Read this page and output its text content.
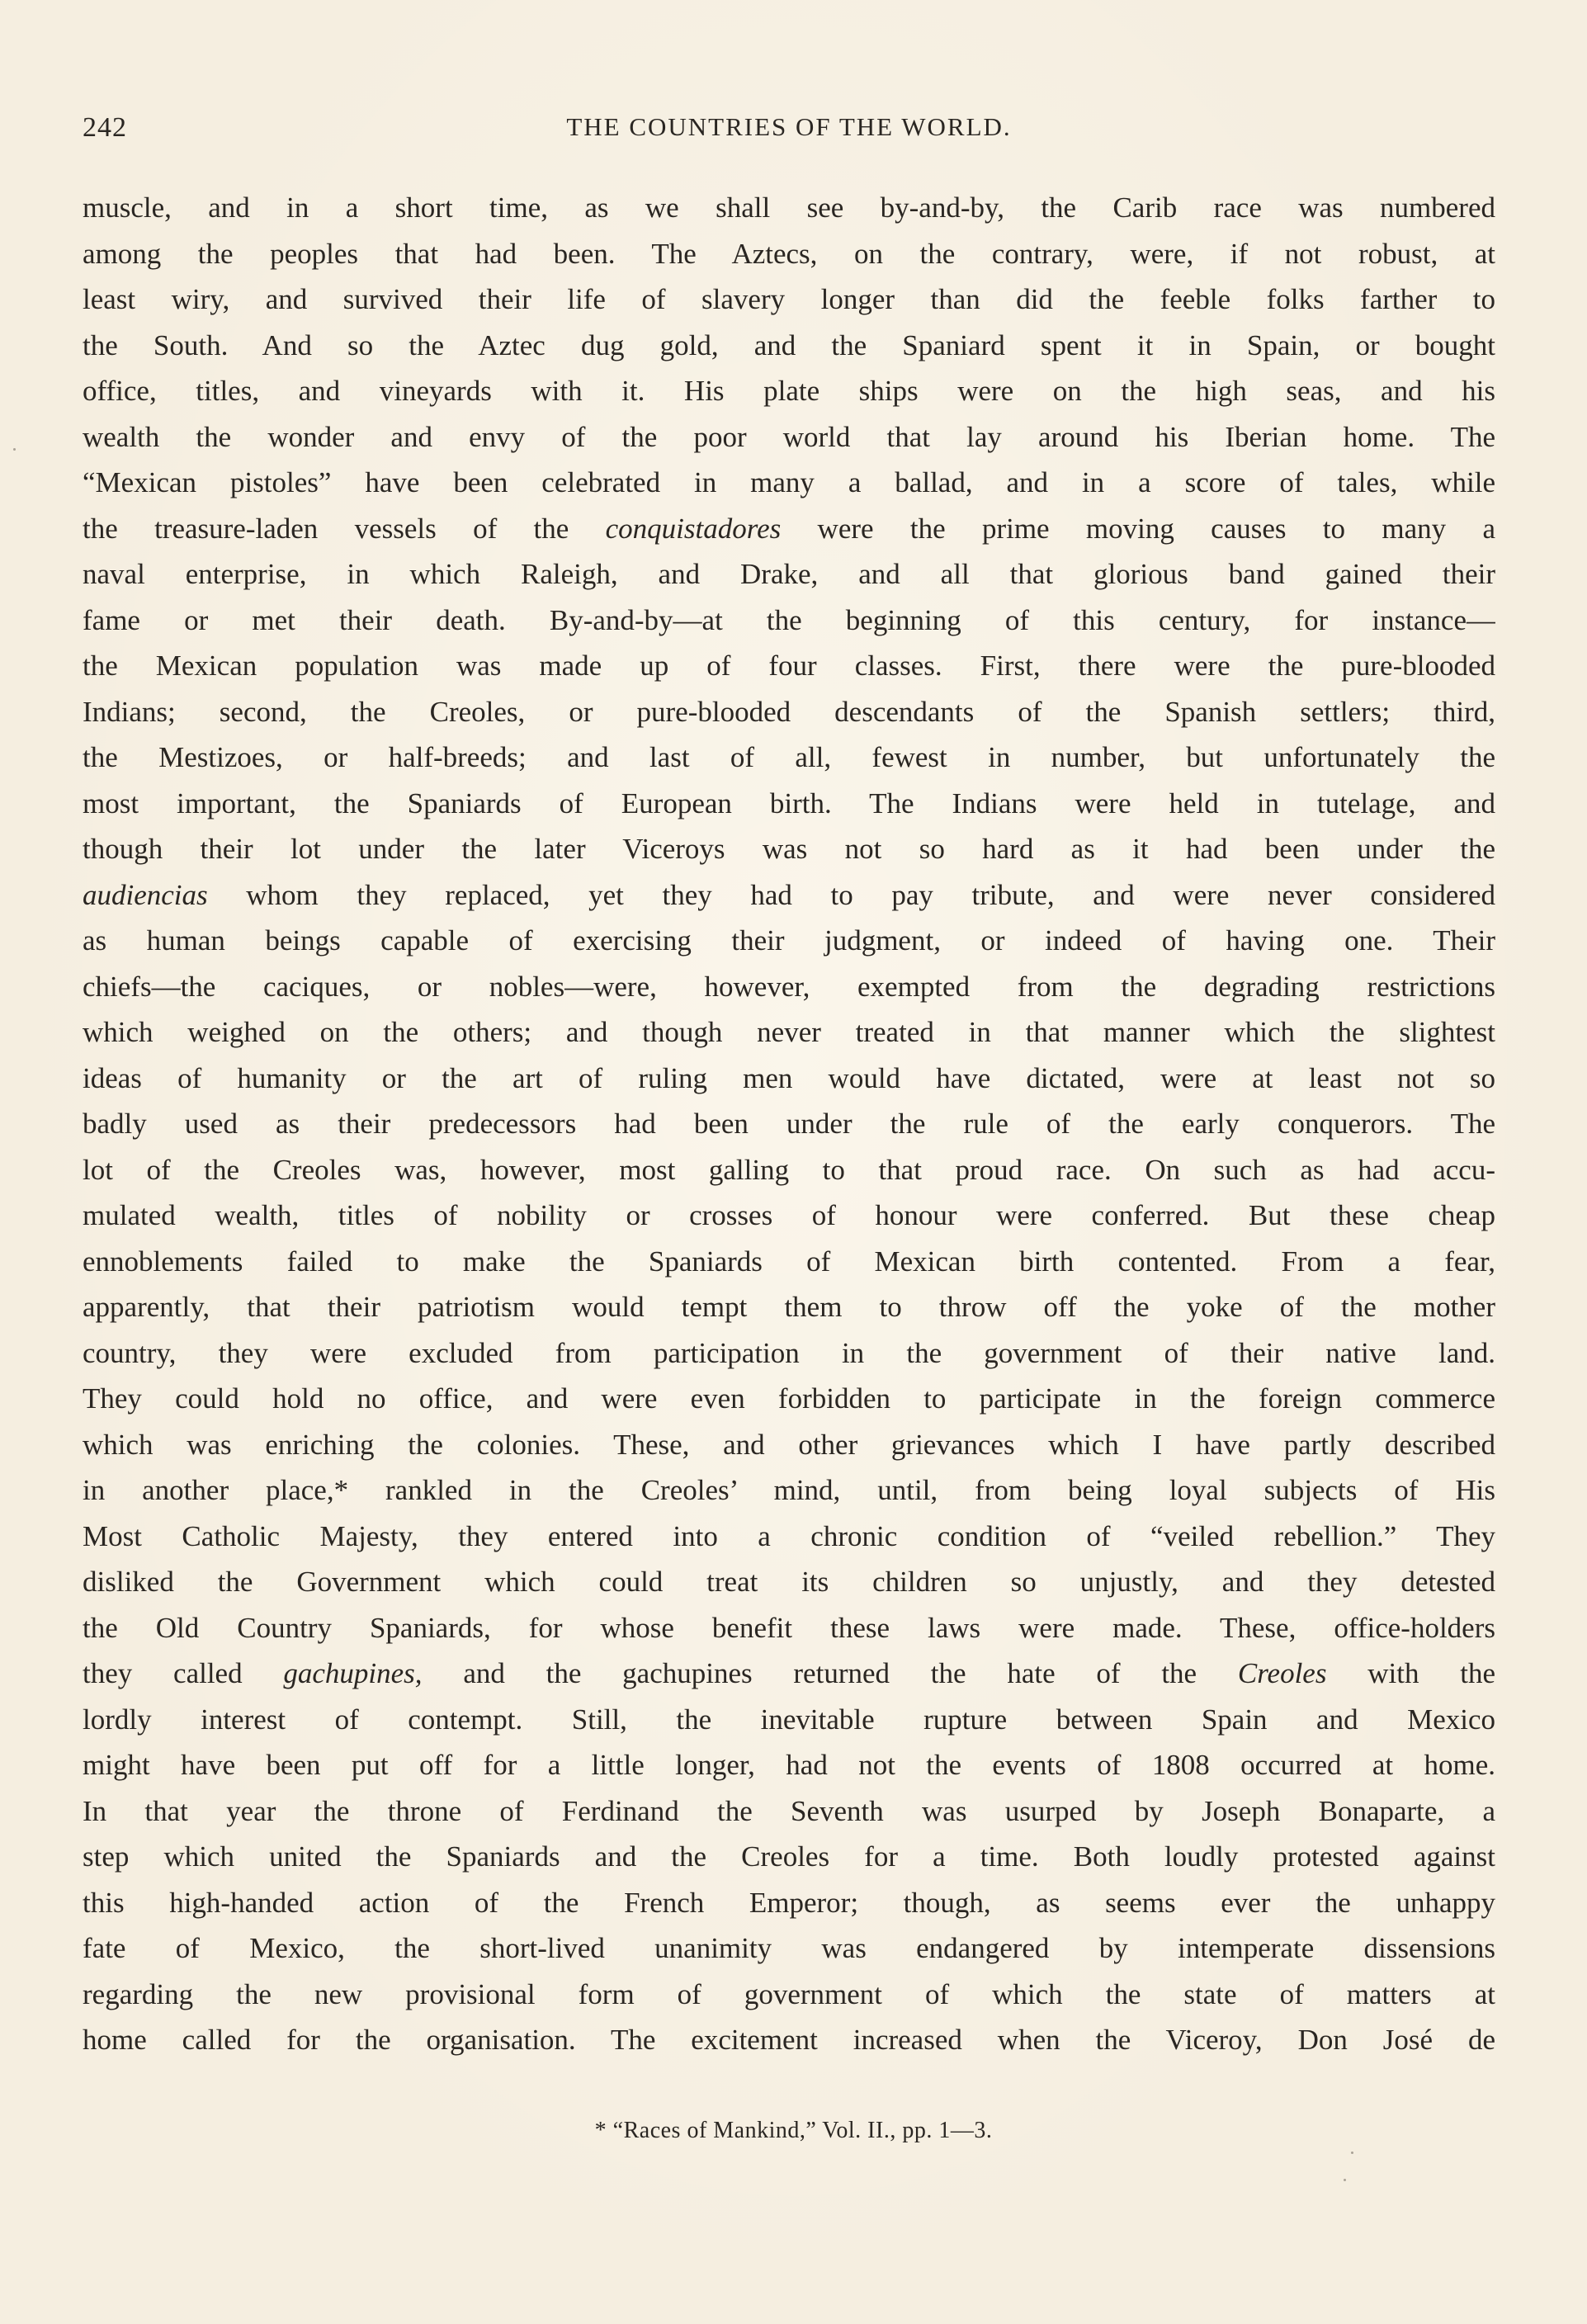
242	THE COUNTRIES OF THE WORLD.
muscle, and in a short time, as we shall see by-and-by, the Carib race was numbered
among the peoples that had been. The Aztecs, on the contrary, were, if not robust, at
least wiry, and survived their life of slavery longer than did the feeble folks farther to
the South. And so the Aztec dug gold, and the Spaniard spent it in Spain, or bought
office, titles, and vineyards with it. His plate ships were on the high seas, and his
wealth the wonder and envy of the poor world that lay around his Iberian home. The
“Mexican pistoles” have been celebrated in many a ballad, and in a score of tales, while
the treasure-laden vessels of the conquistadores were the prime moving causes to many a
naval enterprise, in which Raleigh, and Drake, and all that glorious band gained their
fame or met their death. By-and-by—at the beginning of this century, for instance—
the Mexican population was made up of four classes. First, there were the pure-blooded
Indians; second, the Creoles, or pure-blooded descendants of the Spanish settlers; third,
the Mestizoes, or half-breeds; and last of all, fewest in number, but unfortunately the
most important, the Spaniards of European birth. The Indians were held in tutelage, and
though their lot under the later Viceroys was not so hard as it had been under the
audiencias whom they replaced, yet they had to pay tribute, and were never considered
as human beings capable of exercising their judgment, or indeed of having one. Their
chiefs—the caciques, or nobles—were, however, exempted from the degrading restrictions
which weighed on the others; and though never treated in that manner which the slightest
ideas of humanity or the art of ruling men would have dictated, were at least not so
badly used as their predecessors had been under the rule of the early conquerors. The
lot of the Creoles was, however, most galling to that proud race. On such as had accu-
mulated wealth, titles of nobility or crosses of honour were conferred. But these cheap
ennoblements failed to make the Spaniards of Mexican birth contented. From a fear,
apparently, that their patriotism would tempt them to throw off the yoke of the mother
country, they were excluded from participation in the government of their native land.
They could hold no office, and were even forbidden to participate in the foreign commerce
which was enriching the colonies. These, and other grievances which I have partly described
in another place,* rankled in the Creoles’ mind, until, from being loyal subjects of His
Most Catholic Majesty, they entered into a chronic condition of “veiled rebellion.” They
disliked the Government which could treat its children so unjustly, and they detested
the Old Country Spaniards, for whose benefit these laws were made. These, office-holders
they called gachupines, and the gachupines returned the hate of the Creoles with the
lordly interest of contempt. Still, the inevitable rupture between Spain and Mexico
might have been put off for a little longer, had not the events of 1808 occurred at home.
In that year the throne of Ferdinand the Seventh was usurped by Joseph Bonaparte, a
step which united the Spaniards and the Creoles for a time. Both loudly protested against
this high-handed action of the French Emperor; though, as seems ever the unhappy
fate of Mexico, the short-lived unanimity was endangered by intemperate dissensions
regarding the new provisional form of government of which the state of matters at
home called for the organisation. The excitement increased when the Viceroy, Don José de
* “Races of Mankind,” Vol. II., pp. 1—3.
